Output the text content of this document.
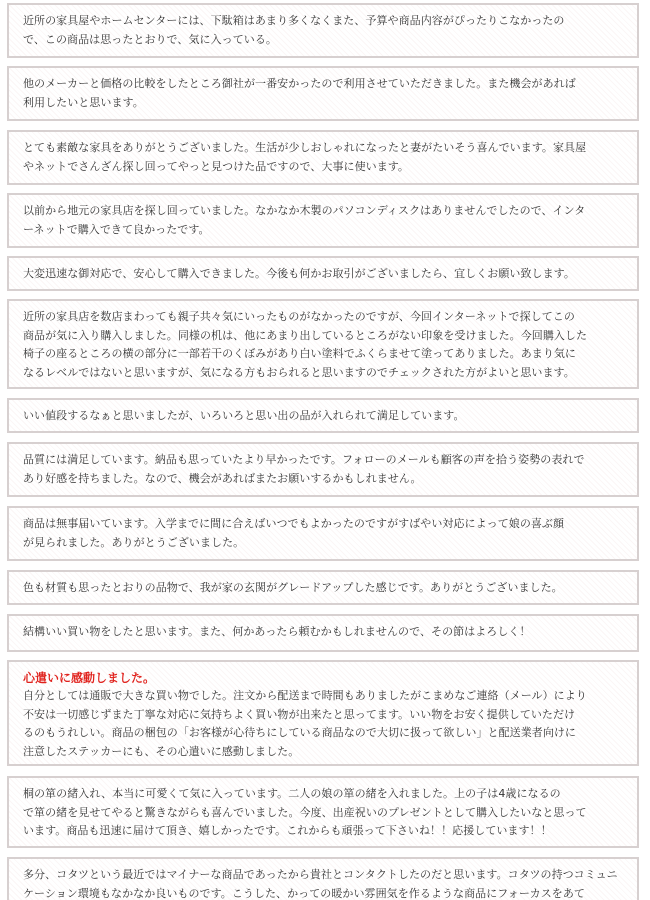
近所の家具屋やホームセンターには、下駄箱はあまり多くなくまた、予算や商品内容がぴったりこなかったの
で、この商品は思ったとおりで、気に入っている。
他のメーカーと価格の比較をしたところ御社が一番安かったので利用させていただきました。また機会があれば
利用したいと思います。
とても素敵な家具をありがとうございました。生活が少しおしゃれになったと妻がたいそう喜んでいます。家具屋
やネットでさんざん探し回ってやっと見つけた品ですので、大事に使います。
以前から地元の家具店を探し回っていました。なかなか木製のパソコンディスクはありませんでしたので、インタ
ーネットで購入できて良かったです。
大変迅速な御対応で、安心して購入できました。今後も何かお取引がございましたら、宜しくお願い致します。
近所の家具店を数店まわっても親子共々気にいったものがなかったのですが、今回インターネットで探してこの
商品が気に入り購入しました。同様の机は、他にあまり出しているところがない印象を受けました。今回購入した
椅子の座るところの横の部分に一部若干のくぼみがあり白い塗料でふくらませて塗ってありました。あまり気に
なるレベルではないと思いますが、気になる方もおられると思いますのでチェックされた方がよいと思います。
いい値段するなぁと思いましたが、いろいろと思い出の品が入れられて満足しています。
品質には満足しています。納品も思っていたより早かったです。フォローのメールも顧客の声を拾う姿勢の表れで
あり好感を持ちました。なので、機会があればまたお願いするかもしれません。
商品は無事届いています。入学までに間に合えばいつでもよかったのですがすばやい対応によって娘の喜ぶ顔
が見られました。ありがとうございました。
色も材質も思ったとおりの品物で、我が家の玄関がグレードアップした感じです。ありがとうございました。
結構いい買い物をしたと思います。また、何かあったら頼むかもしれませんので、その節はよろしく！
心遣いに感動しました。
自分としては通販で大きな買い物でした。注文から配送まで時間もありましたがこまめなご連絡（メール）により
不安は一切感じずまた丁寧な対応に気持ちよく買い物が出来たと思ってます。いい物をお安く提供していただけ
るのもうれしい。商品の梱包の「お客様が心待ちにしている商品なので大切に扱って欲しい」と配送業者向けに
注意したステッカーにも、その心遣いに感動しました。
桐の箪の緒入れ、本当に可愛くて気に入っています。二人の娘の箪の緒を入れました。上の子は4歳になるの
で箪の緒を見せてやると驚きながらも喜んでいました。今度、出産祝いのプレゼントとして購入したいなと思って
います。商品も迅速に届けて頂き、嬉しかったです。これからも頑張って下さいね！！応援しています！！
多分、コタツという最近ではマイナーな商品であったから貴社とコンタクトしたのだと思います。コタツの持つコミュニ
ケーション環境もなかなか良いものです。こうした、かっての暖かい雰囲気を作るような商品にフォーカスをあて
